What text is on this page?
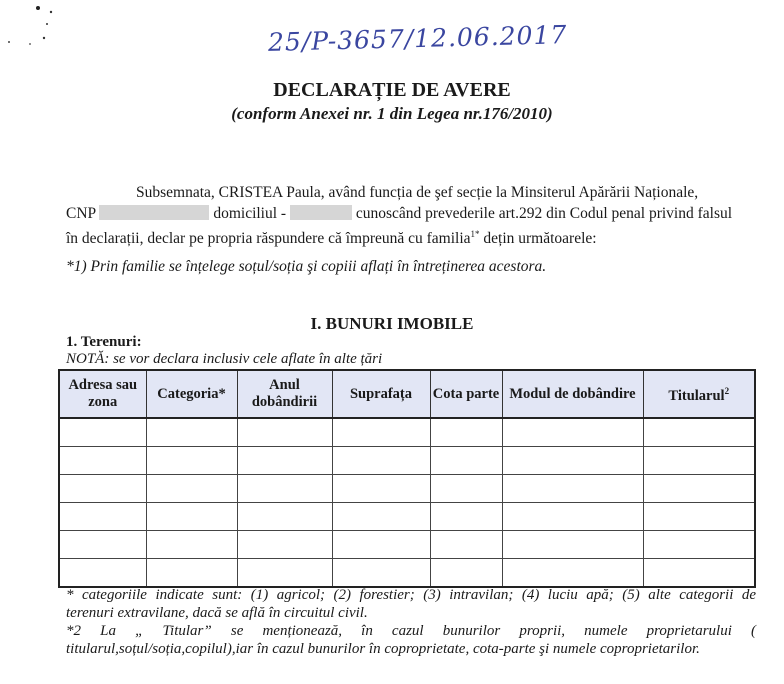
25/P-3657/12.06.2017
DECLARAȚIE DE AVERE
(conform Anexei nr. 1 din Legea nr.176/2010)
Subsemnata, CRISTEA Paula, având funcția de şef secție la Minsiterul Apărării Naționale,
CNP	domiciliul -	cunoscând prevederile art.292 din Codul penal privind falsul
în declarații, declar pe propria răspundere că împreună cu familia$^{1*}$ dețin următoarele:
*1) Prin familie se înțelege soțul/soția şi copiii aflați în întreținerea acestora.
I. BUNURI IMOBILE
1. Terenuri:
NOTĂ: se vor declara inclusiv cele aflate în alte țări
Adresa sau zona	Categoria*	Anul dobândirii	Suprafața	Cota parte	Modul de dobândire	Titularul$^2$

* categoriile indicate sunt: (1) agricol; (2) forestier; (3) intravilan; (4) luciu apă; (5) alte categorii de
terenuri extravilane, dacă se află în circuitul civil.
*2 La „ Titular” se menționează, în cazul bunurilor proprii, numele proprietarului (
titularul,soțul/soția,copilul),iar în cazul bunurilor în coproprietate, cota-parte şi numele coproprietarilor.
